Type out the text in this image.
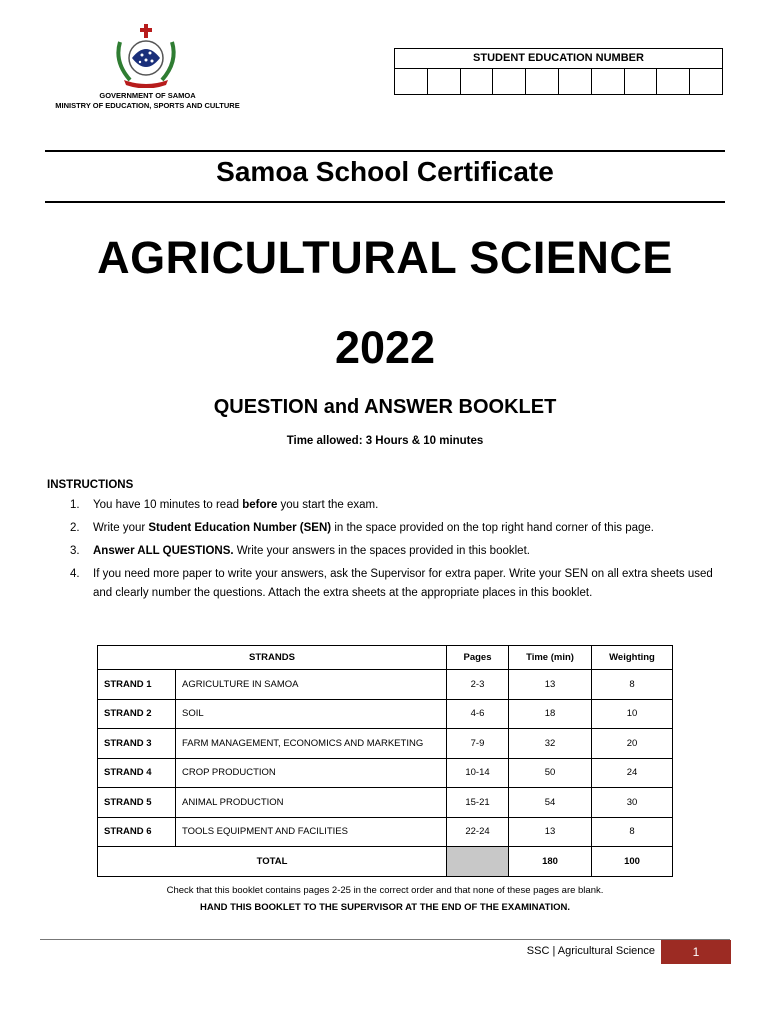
GOVERNMENT OF SAMOA
MINISTRY OF EDUCATION, SPORTS AND CULTURE
STUDENT EDUCATION NUMBER
Samoa School Certificate
AGRICULTURAL SCIENCE
2022
QUESTION and ANSWER BOOKLET
Time allowed: 3 Hours & 10 minutes
INSTRUCTIONS
1.	You have 10 minutes to read before you start the exam.
2.	Write your Student Education Number (SEN) in the space provided on the top right hand corner of this page.
3.	Answer ALL QUESTIONS. Write your answers in the spaces provided in this booklet.
4.	If you need more paper to write your answers, ask the Supervisor for extra paper. Write your SEN on all extra sheets used and clearly number the questions. Attach the extra sheets at the appropriate places in this booklet.
STRANDS		Pages	Time (min)	Weighting
STRAND 1	AGRICULTURE IN SAMOA	2-3	13	8
STRAND 2	SOIL	4-6	18	10
STRAND 3	FARM MANAGEMENT, ECONOMICS AND MARKETING	7-9	32	20
STRAND 4	CROP PRODUCTION	10-14	50	24
STRAND 5	ANIMAL PRODUCTION	15-21	54	30
STRAND 6	TOOLS EQUIPMENT AND FACILITIES	22-24	13	8
TOTAL			180	100
Check that this booklet contains pages 2-25 in the correct order and that none of these pages are blank.
HAND THIS BOOKLET TO THE SUPERVISOR AT THE END OF THE EXAMINATION.
SSC | Agricultural Science	1
